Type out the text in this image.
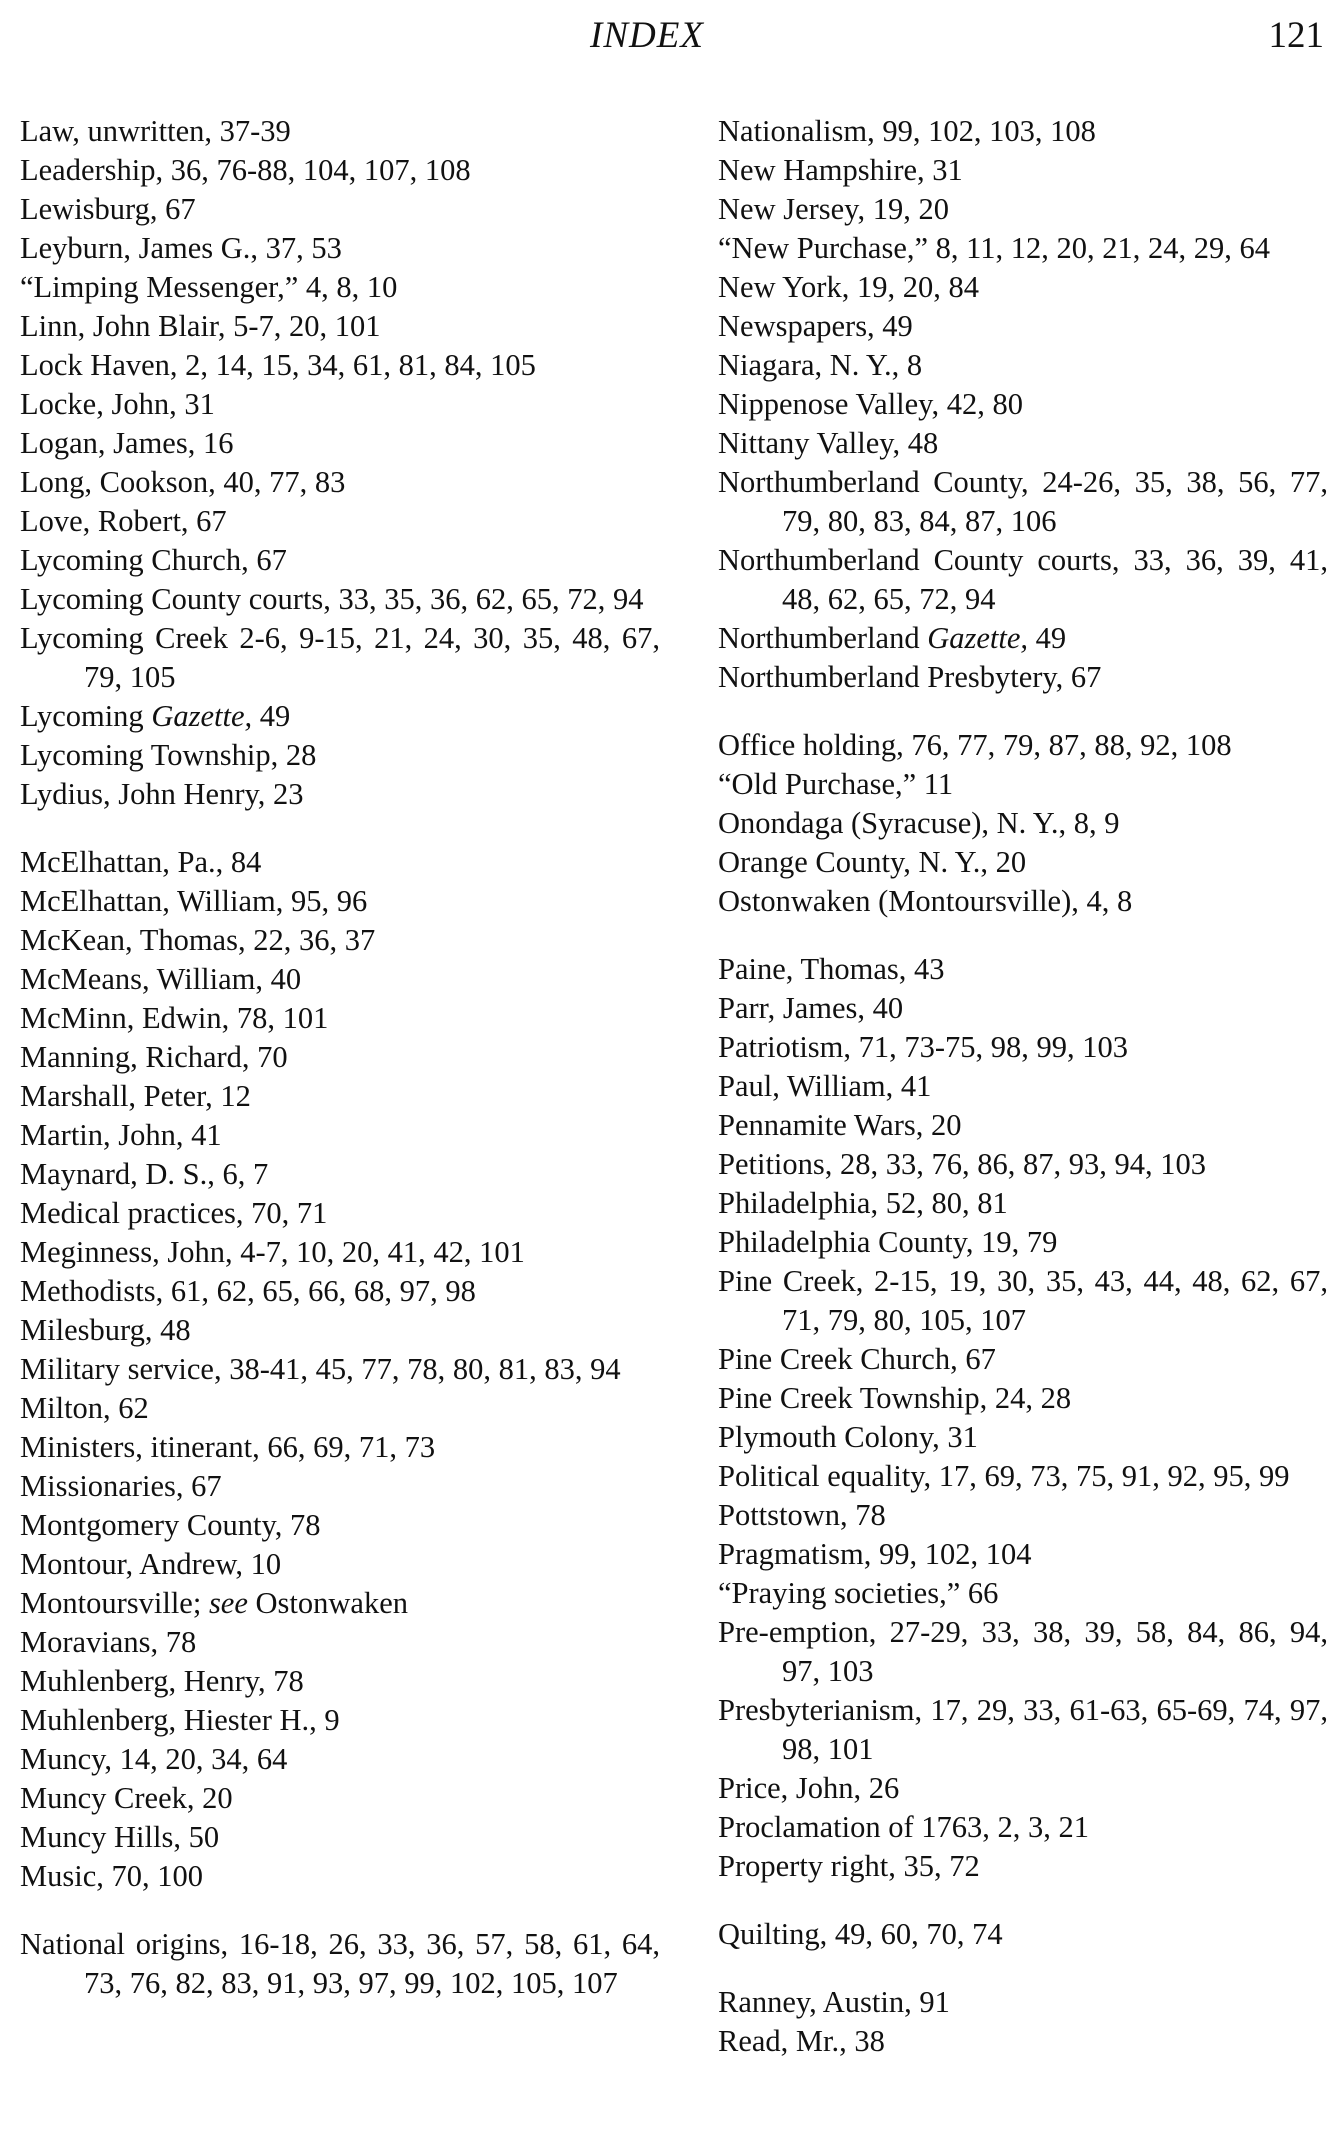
INDEX	121
Law, unwritten, 37-39
Leadership, 36, 76-88, 104, 107, 108
Lewisburg, 67
Leyburn, James G., 37, 53
“Limping Messenger,” 4, 8, 10
Linn, John Blair, 5-7, 20, 101
Lock Haven, 2, 14, 15, 34, 61, 81, 84, 105
Locke, John, 31
Logan, James, 16
Long, Cookson, 40, 77, 83
Love, Robert, 67
Lycoming Church, 67
Lycoming County courts, 33, 35, 36, 62, 65, 72, 94
Lycoming Creek 2-6, 9-15, 21, 24, 30, 35, 48, 67, 79, 105
Lycoming Gazette, 49
Lycoming Township, 28
Lydius, John Henry, 23
McElhattan, Pa., 84
McElhattan, William, 95, 96
McKean, Thomas, 22, 36, 37
McMeans, William, 40
McMinn, Edwin, 78, 101
Manning, Richard, 70
Marshall, Peter, 12
Martin, John, 41
Maynard, D. S., 6, 7
Medical practices, 70, 71
Meginness, John, 4-7, 10, 20, 41, 42, 101
Methodists, 61, 62, 65, 66, 68, 97, 98
Milesburg, 48
Military service, 38-41, 45, 77, 78, 80, 81, 83, 94
Milton, 62
Ministers, itinerant, 66, 69, 71, 73
Missionaries, 67
Montgomery County, 78
Montour, Andrew, 10
Montoursville; see Ostonwaken
Moravians, 78
Muhlenberg, Henry, 78
Muhlenberg, Hiester H., 9
Muncy, 14, 20, 34, 64
Muncy Creek, 20
Muncy Hills, 50
Music, 70, 100
National origins, 16-18, 26, 33, 36, 57, 58, 61, 64, 73, 76, 82, 83, 91, 93, 97, 99, 102, 105, 107
Nationalism, 99, 102, 103, 108
New Hampshire, 31
New Jersey, 19, 20
“New Purchase,” 8, 11, 12, 20, 21, 24, 29, 64
New York, 19, 20, 84
Newspapers, 49
Niagara, N. Y., 8
Nippenose Valley, 42, 80
Nittany Valley, 48
Northumberland County, 24-26, 35, 38, 56, 77, 79, 80, 83, 84, 87, 106
Northumberland County courts, 33, 36, 39, 41, 48, 62, 65, 72, 94
Northumberland Gazette, 49
Northumberland Presbytery, 67
Office holding, 76, 77, 79, 87, 88, 92, 108
“Old Purchase,” 11
Onondaga (Syracuse), N. Y., 8, 9
Orange County, N. Y., 20
Ostonwaken (Montoursville), 4, 8
Paine, Thomas, 43
Parr, James, 40
Patriotism, 71, 73-75, 98, 99, 103
Paul, William, 41
Pennamite Wars, 20
Petitions, 28, 33, 76, 86, 87, 93, 94, 103
Philadelphia, 52, 80, 81
Philadelphia County, 19, 79
Pine Creek, 2-15, 19, 30, 35, 43, 44, 48, 62, 67, 71, 79, 80, 105, 107
Pine Creek Church, 67
Pine Creek Township, 24, 28
Plymouth Colony, 31
Political equality, 17, 69, 73, 75, 91, 92, 95, 99
Pottstown, 78
Pragmatism, 99, 102, 104
“Praying societies,” 66
Pre-emption, 27-29, 33, 38, 39, 58, 84, 86, 94, 97, 103
Presbyterianism, 17, 29, 33, 61-63, 65-69, 74, 97, 98, 101
Price, John, 26
Proclamation of 1763, 2, 3, 21
Property right, 35, 72
Quilting, 49, 60, 70, 74
Ranney, Austin, 91
Read, Mr., 38
